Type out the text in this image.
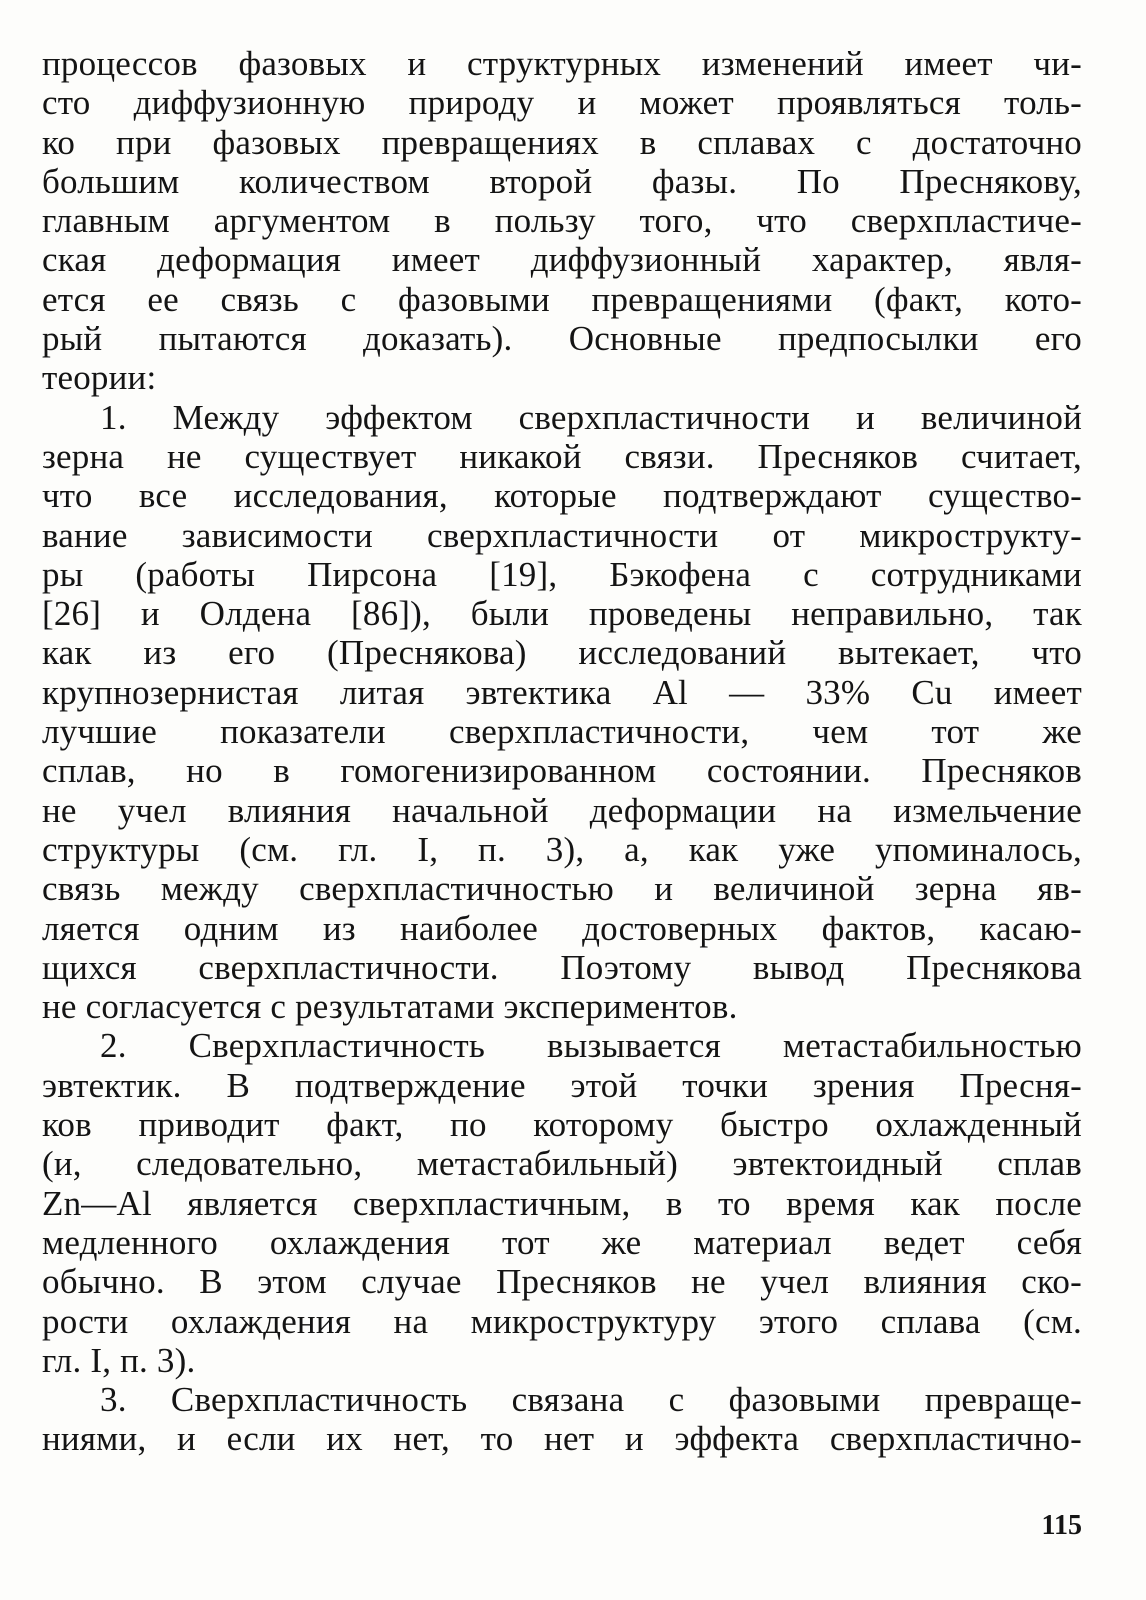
процессов фазовых и структурных изменений имеет чи-
сто диффузионную природу и может проявляться толь-
ко при фазовых превращениях в сплавах с достаточно
большим количеством второй фазы. По Преснякову,
главным аргументом в пользу того, что сверхпластиче-
ская деформация имеет диффузионный характер, явля-
ется ее связь с фазовыми превращениями (факт, кото-
рый пытаются доказать). Основные предпосылки его
теории:
1. Между эффектом сверхпластичности и величиной
зерна не существует никакой связи. Пресняков считает,
что все исследования, которые подтверждают существо-
вание зависимости сверхпластичности от микрострукту-
ры (работы Пирсона [19], Бэкофена с сотрудниками
[26] и Олдена [86]), были проведены неправильно, так
как из его (Преснякова) исследований вытекает, что
крупнозернистая литая эвтектика Al — 33% Cu имеет
лучшие показатели сверхпластичности, чем тот же
сплав, но в гомогенизированном состоянии. Пресняков
не учел влияния начальной деформации на измельчение
структуры (см. гл. I, п. 3), а, как уже упоминалось,
связь между сверхпластичностью и величиной зерна яв-
ляется одним из наиболее достоверных фактов, касаю-
щихся сверхпластичности. Поэтому вывод Преснякова
не согласуется с результатами экспериментов.
2. Сверхпластичность вызывается метастабильностью
эвтектик. В подтверждение этой точки зрения Пресня-
ков приводит факт, по которому быстро охлажденный
(и, следовательно, метастабильный) эвтектоидный сплав
Zn—Al является сверхпластичным, в то время как после
медленного охлаждения тот же материал ведет себя
обычно. В этом случае Пресняков не учел влияния ско-
рости охлаждения на микроструктуру этого сплава (см.
гл. I, п. 3).
3. Сверхпластичность связана с фазовыми превраще-
ниями, и если их нет, то нет и эффекта сверхпластично-
115
